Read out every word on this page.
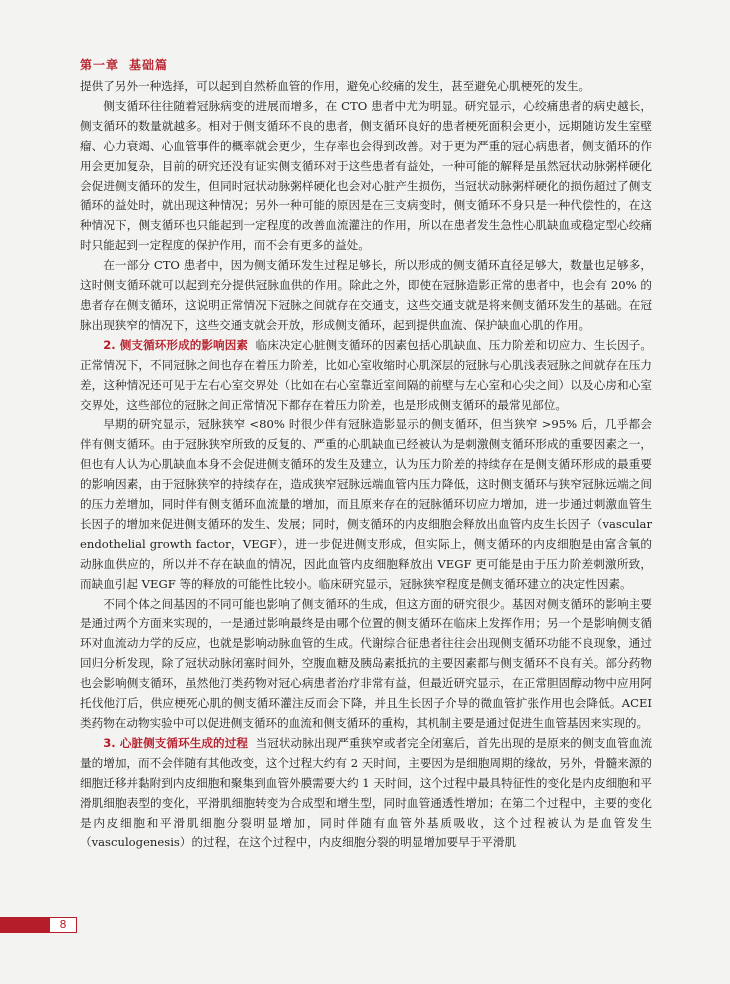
第一章 基础篇

提供了另外一种选择，可以起到自然桥血管的作用，避免心绞痛的发生，甚至避免心肌梗死的发生。

侧支循环往往随着冠脉病变的进展而增多，在 CTO 患者中尤为明显。研究显示，心绞痛患者的病史越长，侧支循环的数量就越多。相对于侧支循环不良的患者，侧支循环良好的患者梗死面积会更小，远期随访发生室壁瘤、心力衰竭、心血管事件的概率就会更少，生存率也会得到改善。对于更为严重的冠心病患者，侧支循环的作用会更加复杂，目前的研究还没有证实侧支循环对于这些患者有益处，一种可能的解释是虽然冠状动脉粥样硬化会促进侧支循环的发生，但同时冠状动脉粥样硬化也会对心脏产生损伤，当冠状动脉粥样硬化的损伤超过了侧支循环的益处时，就出现这种情况；另外一种可能的原因是在三支病变时，侧支循环不身只是一种代偿性的，在这种情况下，侧支循环也只能起到一定程度的改善血流灌注的作用，所以在患者发生急性心肌缺血或稳定型心绞痛时只能起到一定程度的保护作用，而不会有更多的益处。

在一部分 CTO 患者中，因为侧支循环发生过程足够长，所以形成的侧支循环直径足够大，数量也足够多，这时侧支循环就可以起到充分提供冠脉血供的作用。除此之外，即使在冠脉造影正常的患者中，也会有 20% 的患者存在侧支循环，这说明正常情况下冠脉之间就存在交通支，这些交通支就是将来侧支循环发生的基础。在冠脉出现狭窄的情况下，这些交通支就会开放，形成侧支循环，起到提供血流、保护缺血心肌的作用。

2. 侧支循环形成的影响因素 临床决定心脏侧支循环的因素包括心肌缺血、压力阶差和切应力、生长因子。正常情况下，不同冠脉之间也存在着压力阶差，比如心室收缩时心肌深层的冠脉与心肌浅表冠脉之间就存在压力差，这种情况还可见于左右心室交界处（比如在右心室靠近室间隔的前壁与左心室和心尖之间）以及心房和心室交界处，这些部位的冠脉之间正常情况下都存在着压力阶差，也是形成侧支循环的最常见部位。

早期的研究显示，冠脉狭窄 <80% 时很少伴有冠脉造影显示的侧支循环，但当狭窄 >95% 后，几乎都会伴有侧支循环。由于冠脉狭窄所致的反复的、严重的心肌缺血已经被认为是刺激侧支循环形成的重要因素之一，但也有人认为心肌缺血本身不会促进侧支循环的发生及建立，认为压力阶差的持续存在是侧支循环形成的最重要的影响因素，由于冠脉狭窄的持续存在，造成狭窄冠脉远端血管内压力降低，这时侧支循环与狭窄冠脉远端之间的压力差增加，同时伴有侧支循环血流量的增加，而且原来存在的冠脉循环切应力增加，进一步通过刺激血管生长因子的增加来促进侧支循环的发生、发展；同时，侧支循环的内皮细胞会释放出血管内皮生长因子（vascular endothelial growth factor，VEGF），进一步促进侧支形成，但实际上，侧支循环的内皮细胞是由富含氧的动脉血供应的，所以并不存在缺血的情况，因此血管内皮细胞释放出 VEGF 更可能是由于压力阶差刺激所致，而缺血引起 VEGF 等的释放的可能性比较小。临床研究显示，冠脉狭窄程度是侧支循环建立的决定性因素。

不同个体之间基因的不同可能也影响了侧支循环的生成，但这方面的研究很少。基因对侧支循环的影响主要是通过两个方面来实现的，一是通过影响最终是由哪个位置的侧支循环在临床上发挥作用；另一个是影响侧支循环对血流动力学的反应，也就是影响动脉血管的生成。代谢综合征患者往往会出现侧支循环功能不良现象，通过回归分析发现，除了冠状动脉闭塞时间外，空腹血糖及胰岛素抵抗的主要因素都与侧支循环不良有关。部分药物也会影响侧支循环，虽然他汀类药物对冠心病患者治疗非常有益，但最近研究显示，在正常胆固醇动物中应用阿托伐他汀后，供应梗死心肌的侧支循环灌注反而会下降，并且生长因子介导的微血管扩张作用也会降低。ACEI 类药物在动物实验中可以促进侧支循环的血流和侧支循环的重构，其机制主要是通过促进生血管基因来实现的。

3. 心脏侧支循环生成的过程 当冠状动脉出现严重狭窄或者完全闭塞后，首先出现的是原来的侧支血管血流量的增加，而不会伴随有其他改变，这个过程大约有 2 天时间，主要因为是细胞周期的缘故，另外，骨髓来源的细胞迁移并黏附到内皮细胞和聚集到血管外膜需要大约 1 天时间，这个过程中最具特征性的变化是内皮细胞和平滑肌细胞表型的变化，平滑肌细胞转变为合成型和增生型，同时血管通透性增加；在第二个过程中，主要的变化是内皮细胞和平滑肌细胞分裂明显增加，同时伴随有血管外基质吸收，这个过程被认为是血管发生（vasculogenesis）的过程，在这个过程中，内皮细胞分裂的明显增加要早于平滑肌

8
